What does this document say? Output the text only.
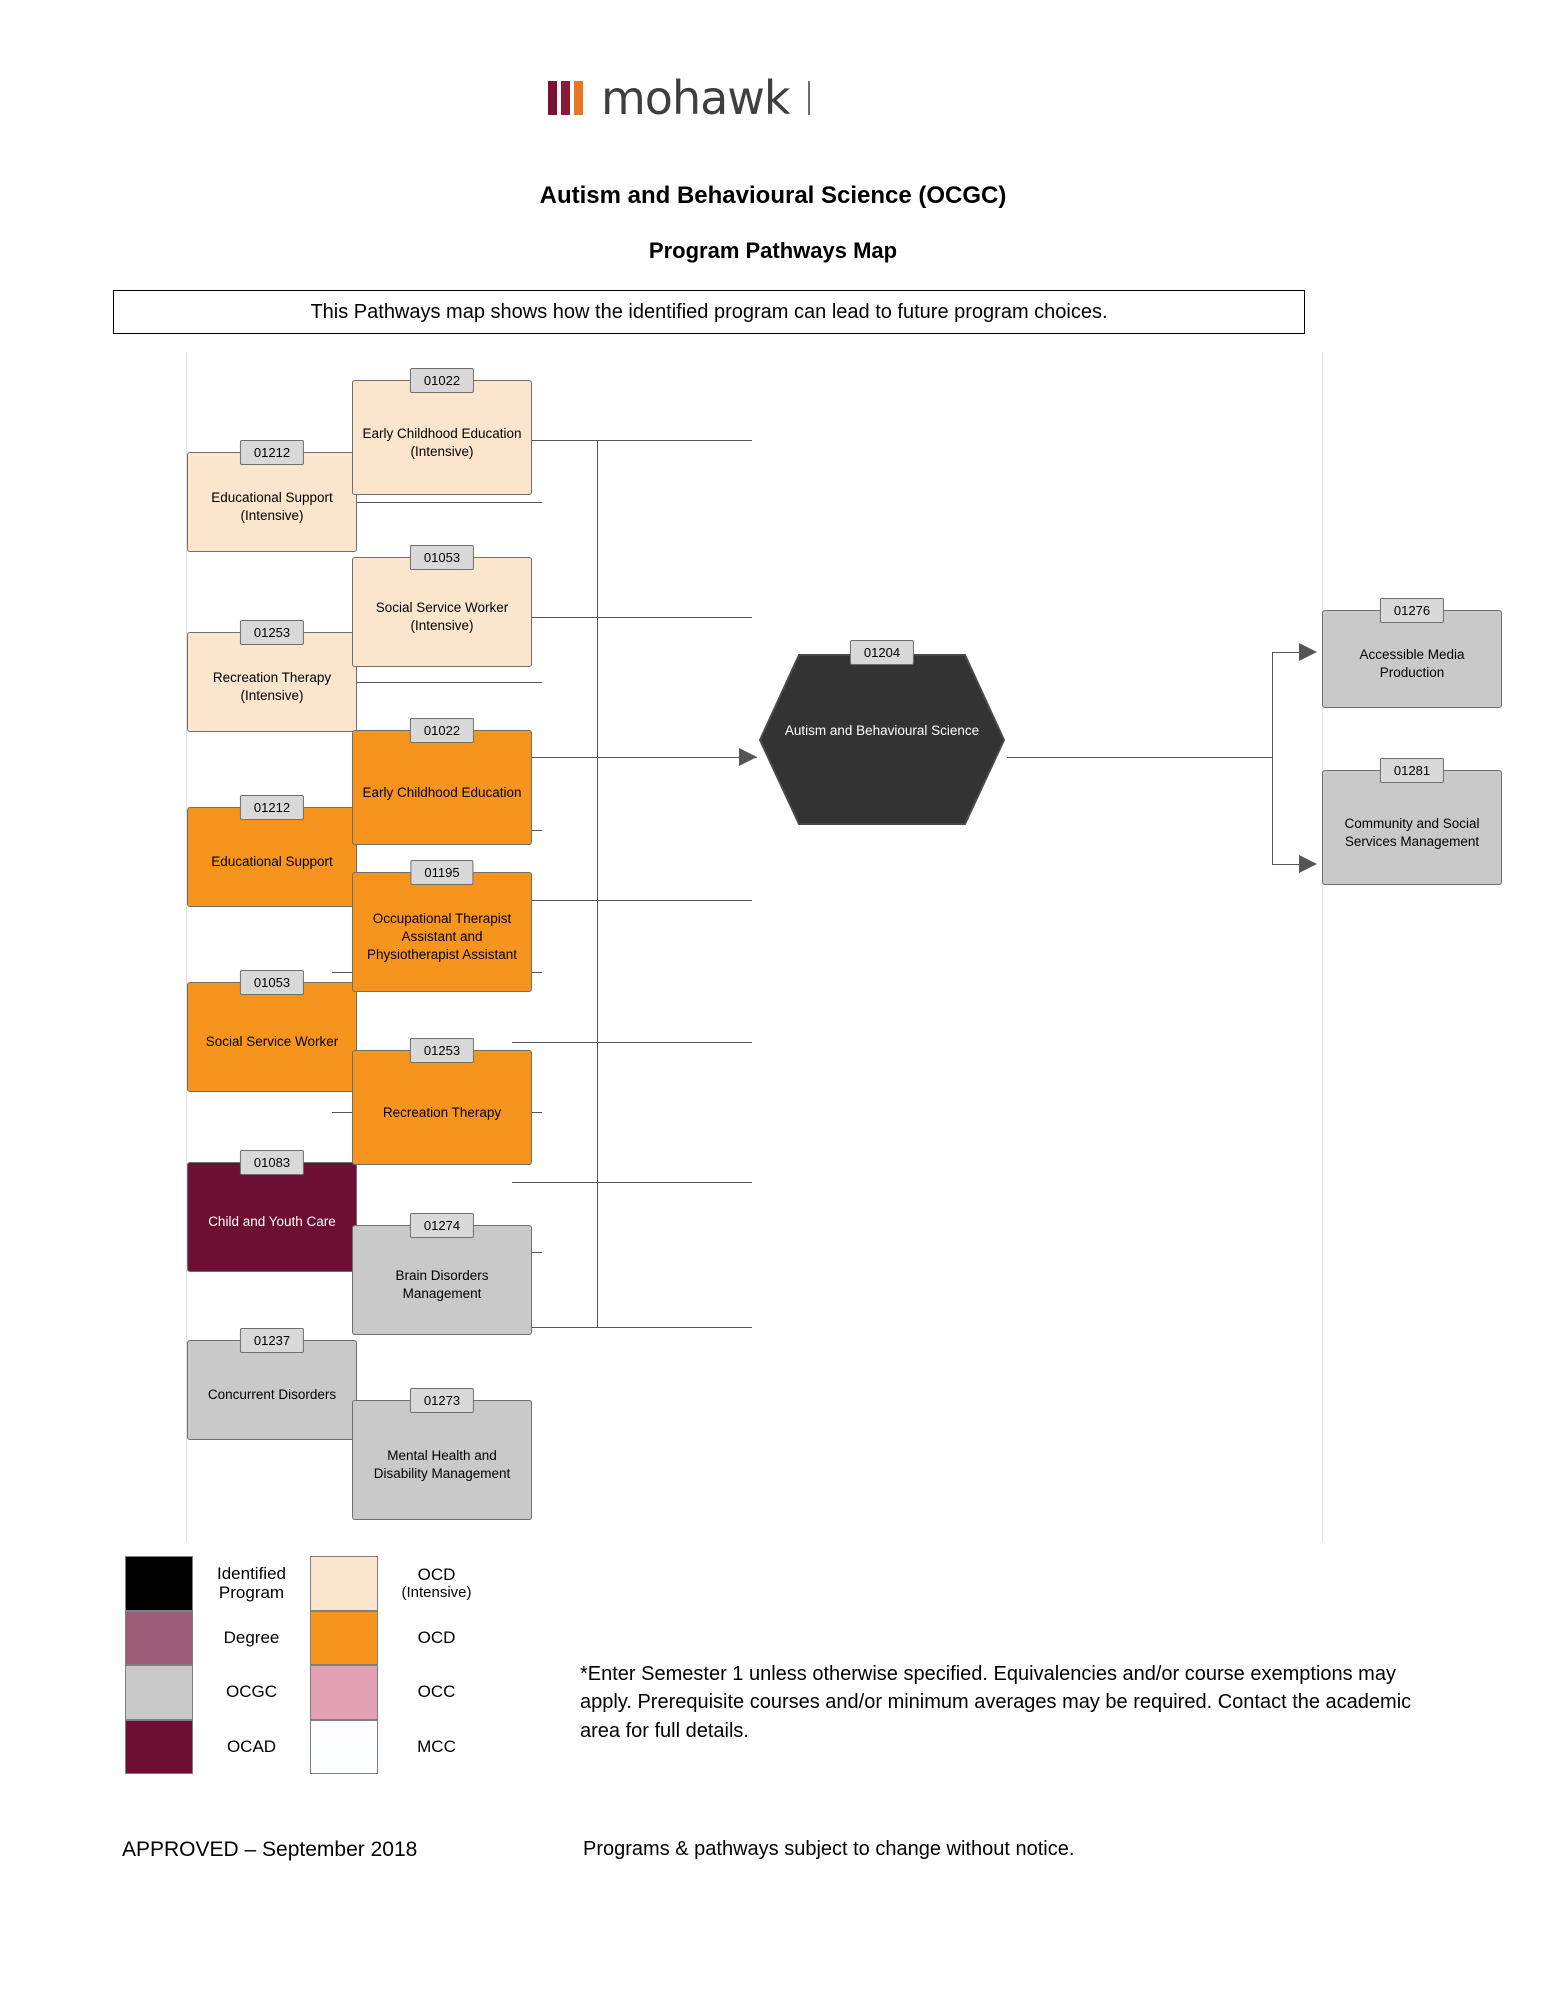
mohawk
Autism and Behavioural Science (OCGC)
Program Pathways Map
This Pathways map shows how the identified program can lead to future program choices.
01204
Autism and Behavioural Science
01212
Educational Support (Intensive)
01253
Recreation Therapy (Intensive)
01212
Educational Support
01053
Social Service Worker
01083
Child and Youth Care
01237
Concurrent Disorders
01022
Early Childhood Education (Intensive)
01053
Social Service Worker (Intensive)
01022
Early Childhood Education
01195
Occupational Therapist Assistant and Physiotherapist Assistant
01253
Recreation Therapy
01274
Brain Disorders Management
01273
Mental Health and Disability Management
01276
Accessible Media Production
01281
Community and Social Services Management
Identified Program
Degree
OCGC
OCAD
OCD
(Intensive)
OCD
OCC
MCC
*Enter Semester 1 unless otherwise specified. Equivalencies and/or course exemptions may apply. Prerequisite courses and/or minimum averages may be required. Contact the academic area for full details.
APPROVED – September 2018	Programs & pathways subject to change without notice.
